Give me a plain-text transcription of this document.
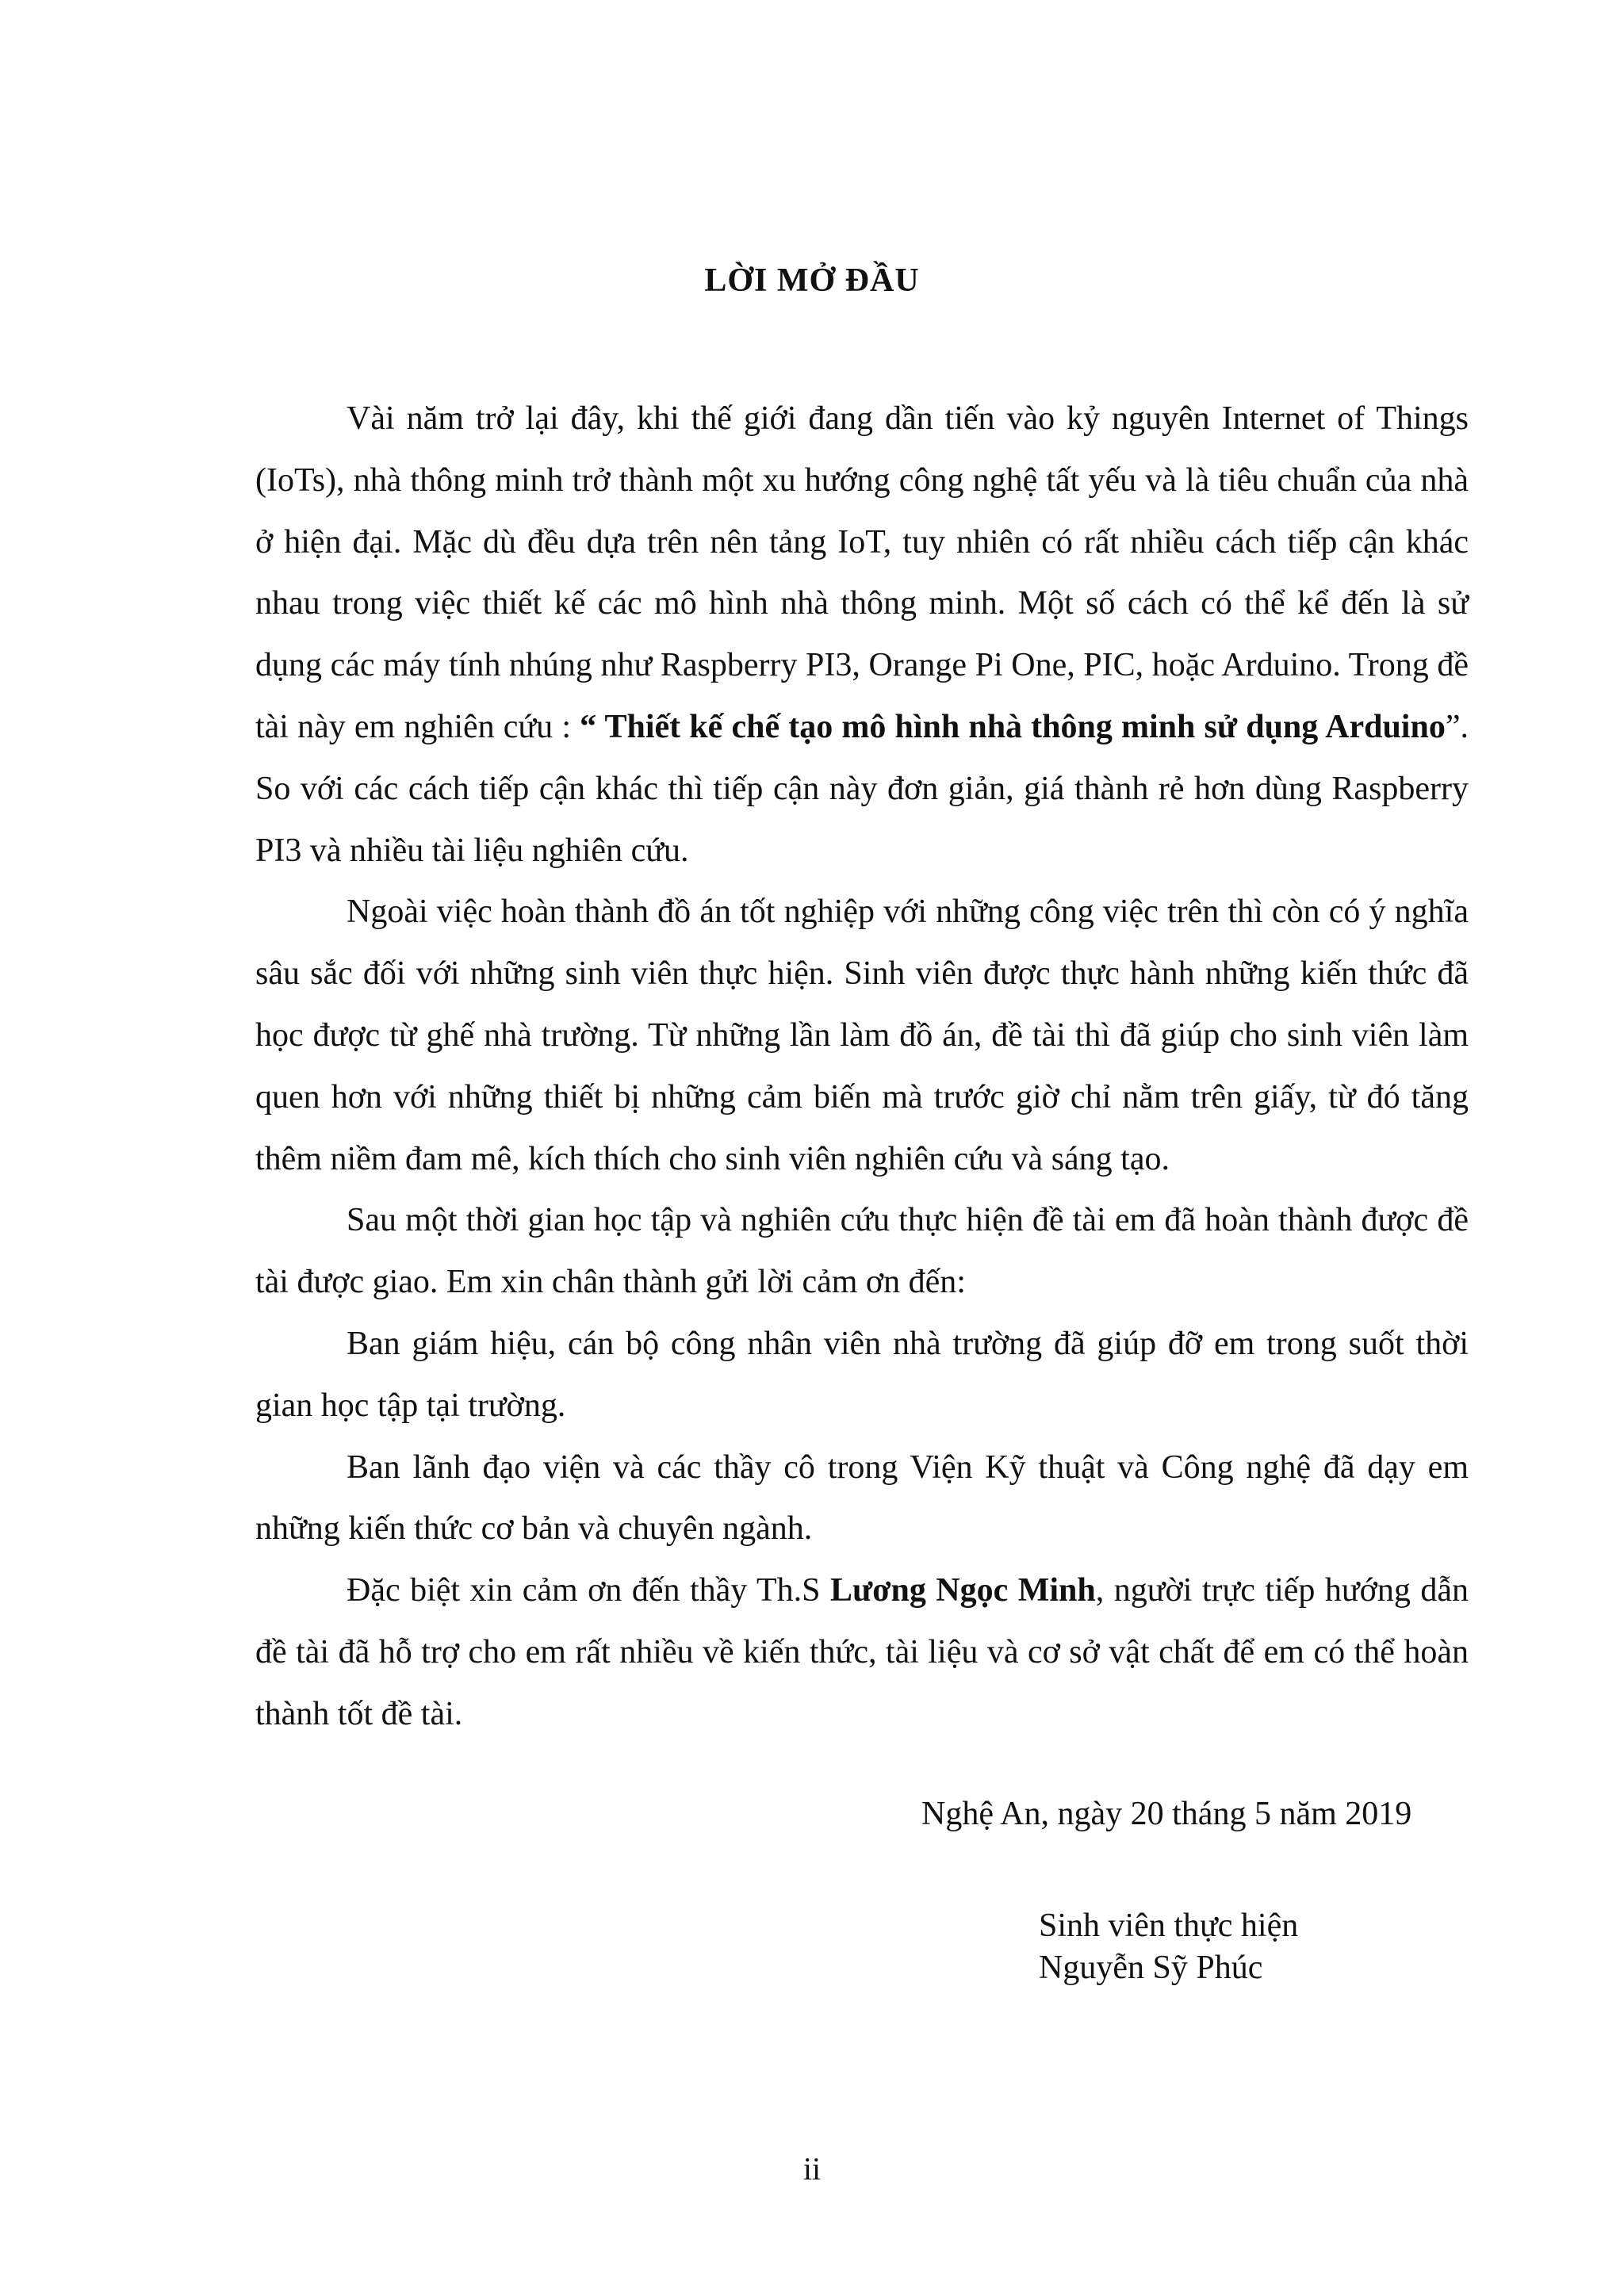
LỜI MỞ ĐẦU

Vài năm trở lại đây, khi thế giới đang dần tiến vào kỷ nguyên Internet of Things (IoTs), nhà thông minh trở thành một xu hướng công nghệ tất yếu và là tiêu chuẩn của nhà ở hiện đại. Mặc dù đều dựa trên nên tảng IoT, tuy nhiên có rất nhiều cách tiếp cận khác nhau trong việc thiết kế các mô hình nhà thông minh. Một số cách có thể kể đến là sử dụng các máy tính nhúng như Raspberry PI3, Orange Pi One, PIC, hoặc Arduino. Trong đề tài này em nghiên cứu : “ Thiết kế chế tạo mô hình nhà thông minh sử dụng Arduino”. So với các cách tiếp cận khác thì tiếp cận này đơn giản, giá thành rẻ hơn dùng Raspberry PI3 và nhiều tài liệu nghiên cứu.

Ngoài việc hoàn thành đồ án tốt nghiệp với những công việc trên thì còn có ý nghĩa sâu sắc đối với những sinh viên thực hiện. Sinh viên được thực hành những kiến thức đã học được từ ghế nhà trường. Từ những lần làm đồ án, đề tài thì đã giúp cho sinh viên làm quen hơn với những thiết bị những cảm biến mà trước giờ chỉ nằm trên giấy, từ đó tăng thêm niềm đam mê, kích thích cho sinh viên nghiên cứu và sáng tạo.

Sau một thời gian học tập và nghiên cứu thực hiện đề tài em đã hoàn thành được đề tài được giao. Em xin chân thành gửi lời cảm ơn đến:

Ban giám hiệu, cán bộ công nhân viên nhà trường đã giúp đỡ em trong suốt thời gian học tập tại trường.

Ban lãnh đạo viện và các thầy cô trong Viện Kỹ thuật và Công nghệ đã dạy em những kiến thức cơ bản và chuyên ngành.

Đặc biệt xin cảm ơn đến thầy Th.S Lương Ngọc Minh, người trực tiếp hướng dẫn đề tài đã hỗ trợ cho em rất nhiều về kiến thức, tài liệu và cơ sở vật chất để em có thể hoàn thành tốt đề tài.

Nghệ An, ngày 20 tháng 5 năm 2019
Sinh viên thực hiện
Nguyễn Sỹ Phúc
ii
